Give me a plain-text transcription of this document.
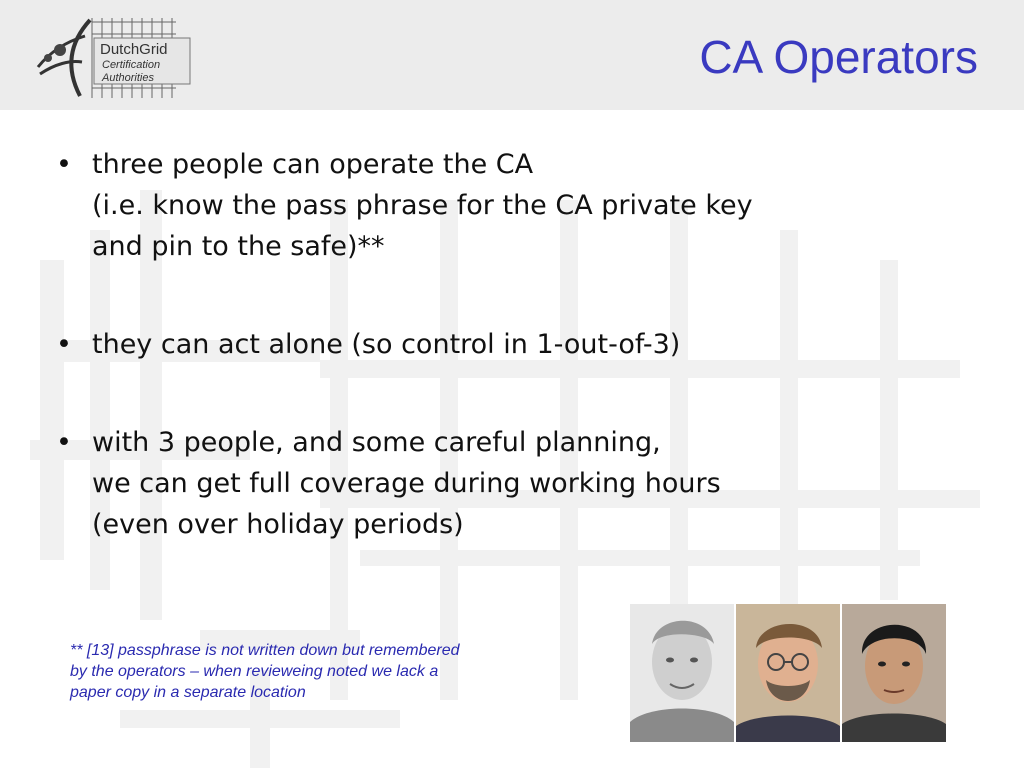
DutchGrid
Certification
Authorities	CA Operators
• three people can operate the CA
(i.e. know the pass phrase for the CA private key
and pin to the safe)**
• they can act alone (so control in 1-out-of-3)
• with 3 people, and some careful planning,
we can get full coverage during working hours
(even over holiday periods)
** [13] passphrase is not written down but remembered
by the operators – when revieweing noted we lack a
paper copy in a separate location
